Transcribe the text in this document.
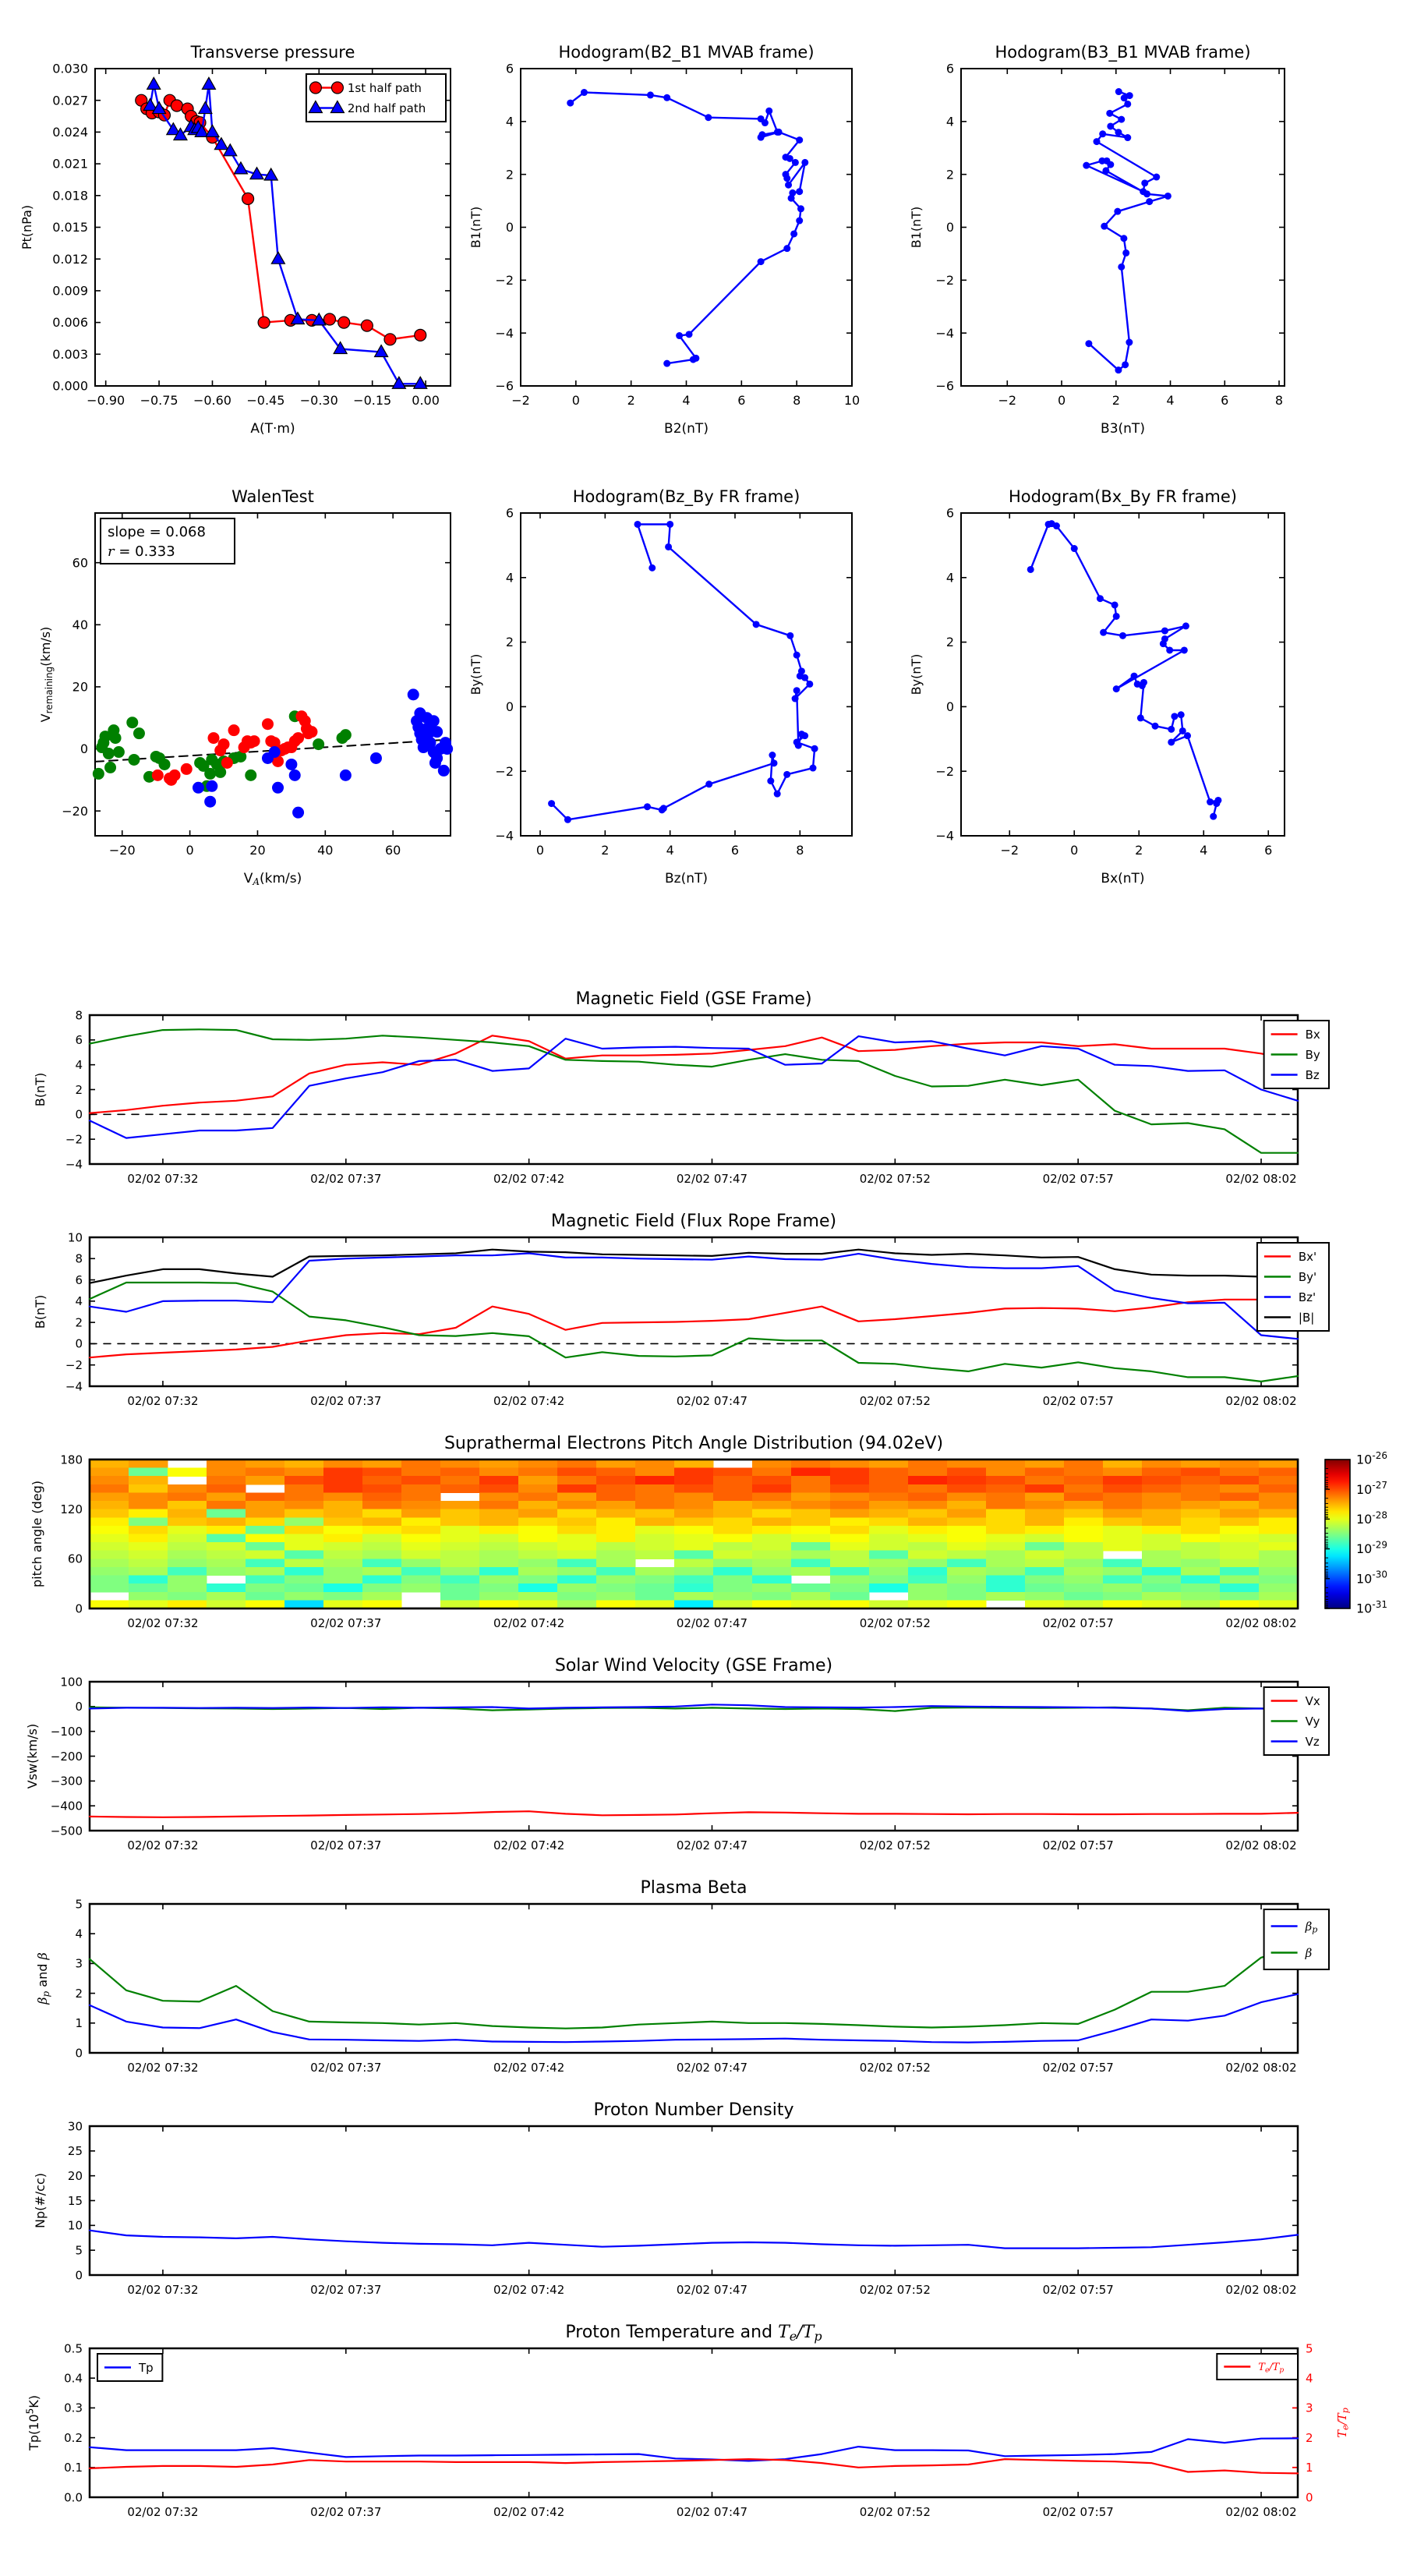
−0.90 −0.75 −0.60 −0.45 −0.30 −0.15 0.00
0.000
0.003
0.006
0.009
0.012
0.015
0.018
0.021
0.024
0.027
0.030
Transverse pressure
A(T·m)
Pt(nPa)
1st half path
2nd half path
−2	0	2	4	6	8	10
−6
−4
−2
0
2
4
6
Hodogram(B2_B1 MVAB frame)
B2(nT)
B1(nT)
−2	0	2	4	6	8
−6
−4
−2
0
2
4
6
Hodogram(B3_B1 MVAB frame)
B3(nT)
B1(nT)
−20	0	20	40	60
−20
0
20
40
60
WalenTest
VA(km/s)
Vremaining(km/s)
slope = 0.068
r = 0.333
0	2	4	6	8
−4
−2
0
2
4
6
Hodogram(Bz_By FR frame)
Bz(nT)
By(nT)
−2	0	2	4	6
−4
−2
0
2
4
6
Hodogram(Bx_By FR frame)
Bx(nT)
By(nT)
02/02 07:32	02/02 07:37	02/02 07:42	02/02 07:47	02/02 07:52	02/02 07:57	02/02 08:02
−4
−2
0
2
4
6
8
Magnetic Field (GSE Frame)
B(nT)
Bx
By
Bz
02/02 07:32	02/02 07:37	02/02 07:42	02/02 07:47	02/02 07:52	02/02 07:57	02/02 08:02
−4
−2
0
2
4
6
8
10
Magnetic Field (Flux Rope Frame)
B(nT)
Bx'
By'
Bz'
|B|
02/02 07:32	02/02 07:37	02/02 07:42	02/02 07:47	02/02 07:52	02/02 07:57	02/02 08:02
0
60
120
180
Suprathermal Electrons Pitch Angle Distribution (94.02eV)
pitch angle (deg)
$10^{-26}$
$10^{-27}$
$10^{-28}$
$10^{-29}$
$10^{-30}$
$10^{-31}$
02/02 07:32	02/02 07:37	02/02 07:42	02/02 07:47	02/02 07:52	02/02 07:57	02/02 08:02
−500
−400
−300
−200
−100
0
100
Solar Wind Velocity (GSE Frame)
Vsw(km/s)
Vx
Vy
Vz
02/02 07:32	02/02 07:37	02/02 07:42	02/02 07:47	02/02 07:52	02/02 07:57	02/02 08:02
0
1
2
3
4
5
Plasma Beta
βp and β
βp
β
02/02 07:32	02/02 07:37	02/02 07:42	02/02 07:47	02/02 07:52	02/02 07:57	02/02 08:02
0
5
10
15
20
25
30
Proton Number Density
Np(#/cc)
02/02 07:32	02/02 07:37	02/02 07:42	02/02 07:47	02/02 07:52	02/02 07:57	02/02 08:02
0.0
0.1
0.2
0.3
0.4
0.5
0
1
2
3
4
5
Te/Tp
Proton Temperature and Te/Tp
$Tp(10^5K)$
Tp	Te/Tp
